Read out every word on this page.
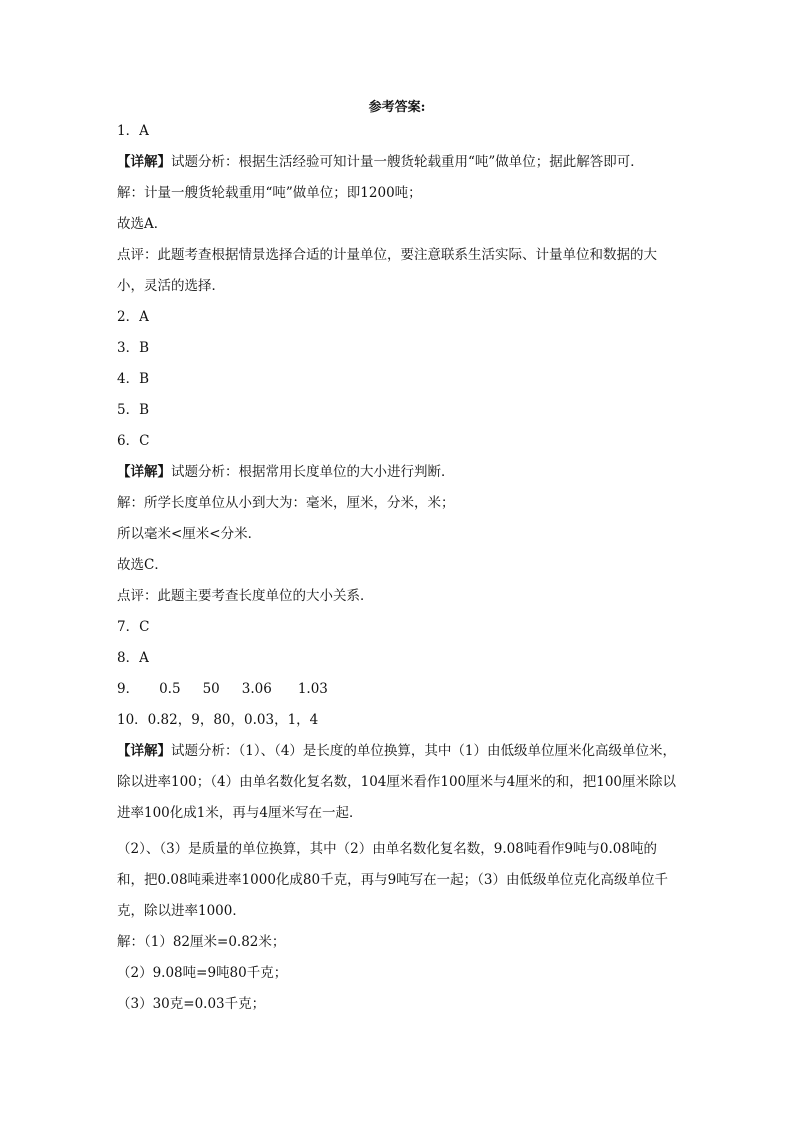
参考答案:

1．A

【详解】试题分析：根据生活经验可知计量一艘货轮载重用“吨”做单位；据此解答即可．

解：计量一艘货轮载重用“吨”做单位；即1200吨；

故选A．

点评：此题考查根据情景选择合适的计量单位，要注意联系生活实际、计量单位和数据的大小，灵活的选择．

2．A

3．B

4．B

5．B

6．C

【详解】试题分析：根据常用长度单位的大小进行判断．

解：所学长度单位从小到大为：毫米，厘米，分米，米；

所以毫米<厘米<分米．

故选C．

点评：此题主要考查长度单位的大小关系．

7．C

8．A

9． 0.5 50 3.06 1.03

10．0.82，9，80，0.03，1，4

【详解】试题分析：（1）、（4）是长度的单位换算，其中（1）由低级单位厘米化高级单位米，除以进率100；（4）由单名数化复名数，104厘米看作100厘米与4厘米的和，把100厘米除以进率100化成1米，再与4厘米写在一起．

（2）、（3）是质量的单位换算，其中（2）由单名数化复名数，9.08吨看作9吨与0.08吨的和，把0.08吨乘进率1000化成80千克，再与9吨写在一起；（3）由低级单位克化高级单位千克，除以进率1000．

解：（1）82厘米=0.82米；

（2）9.08吨=9吨80千克；

（3）30克=0.03千克；
